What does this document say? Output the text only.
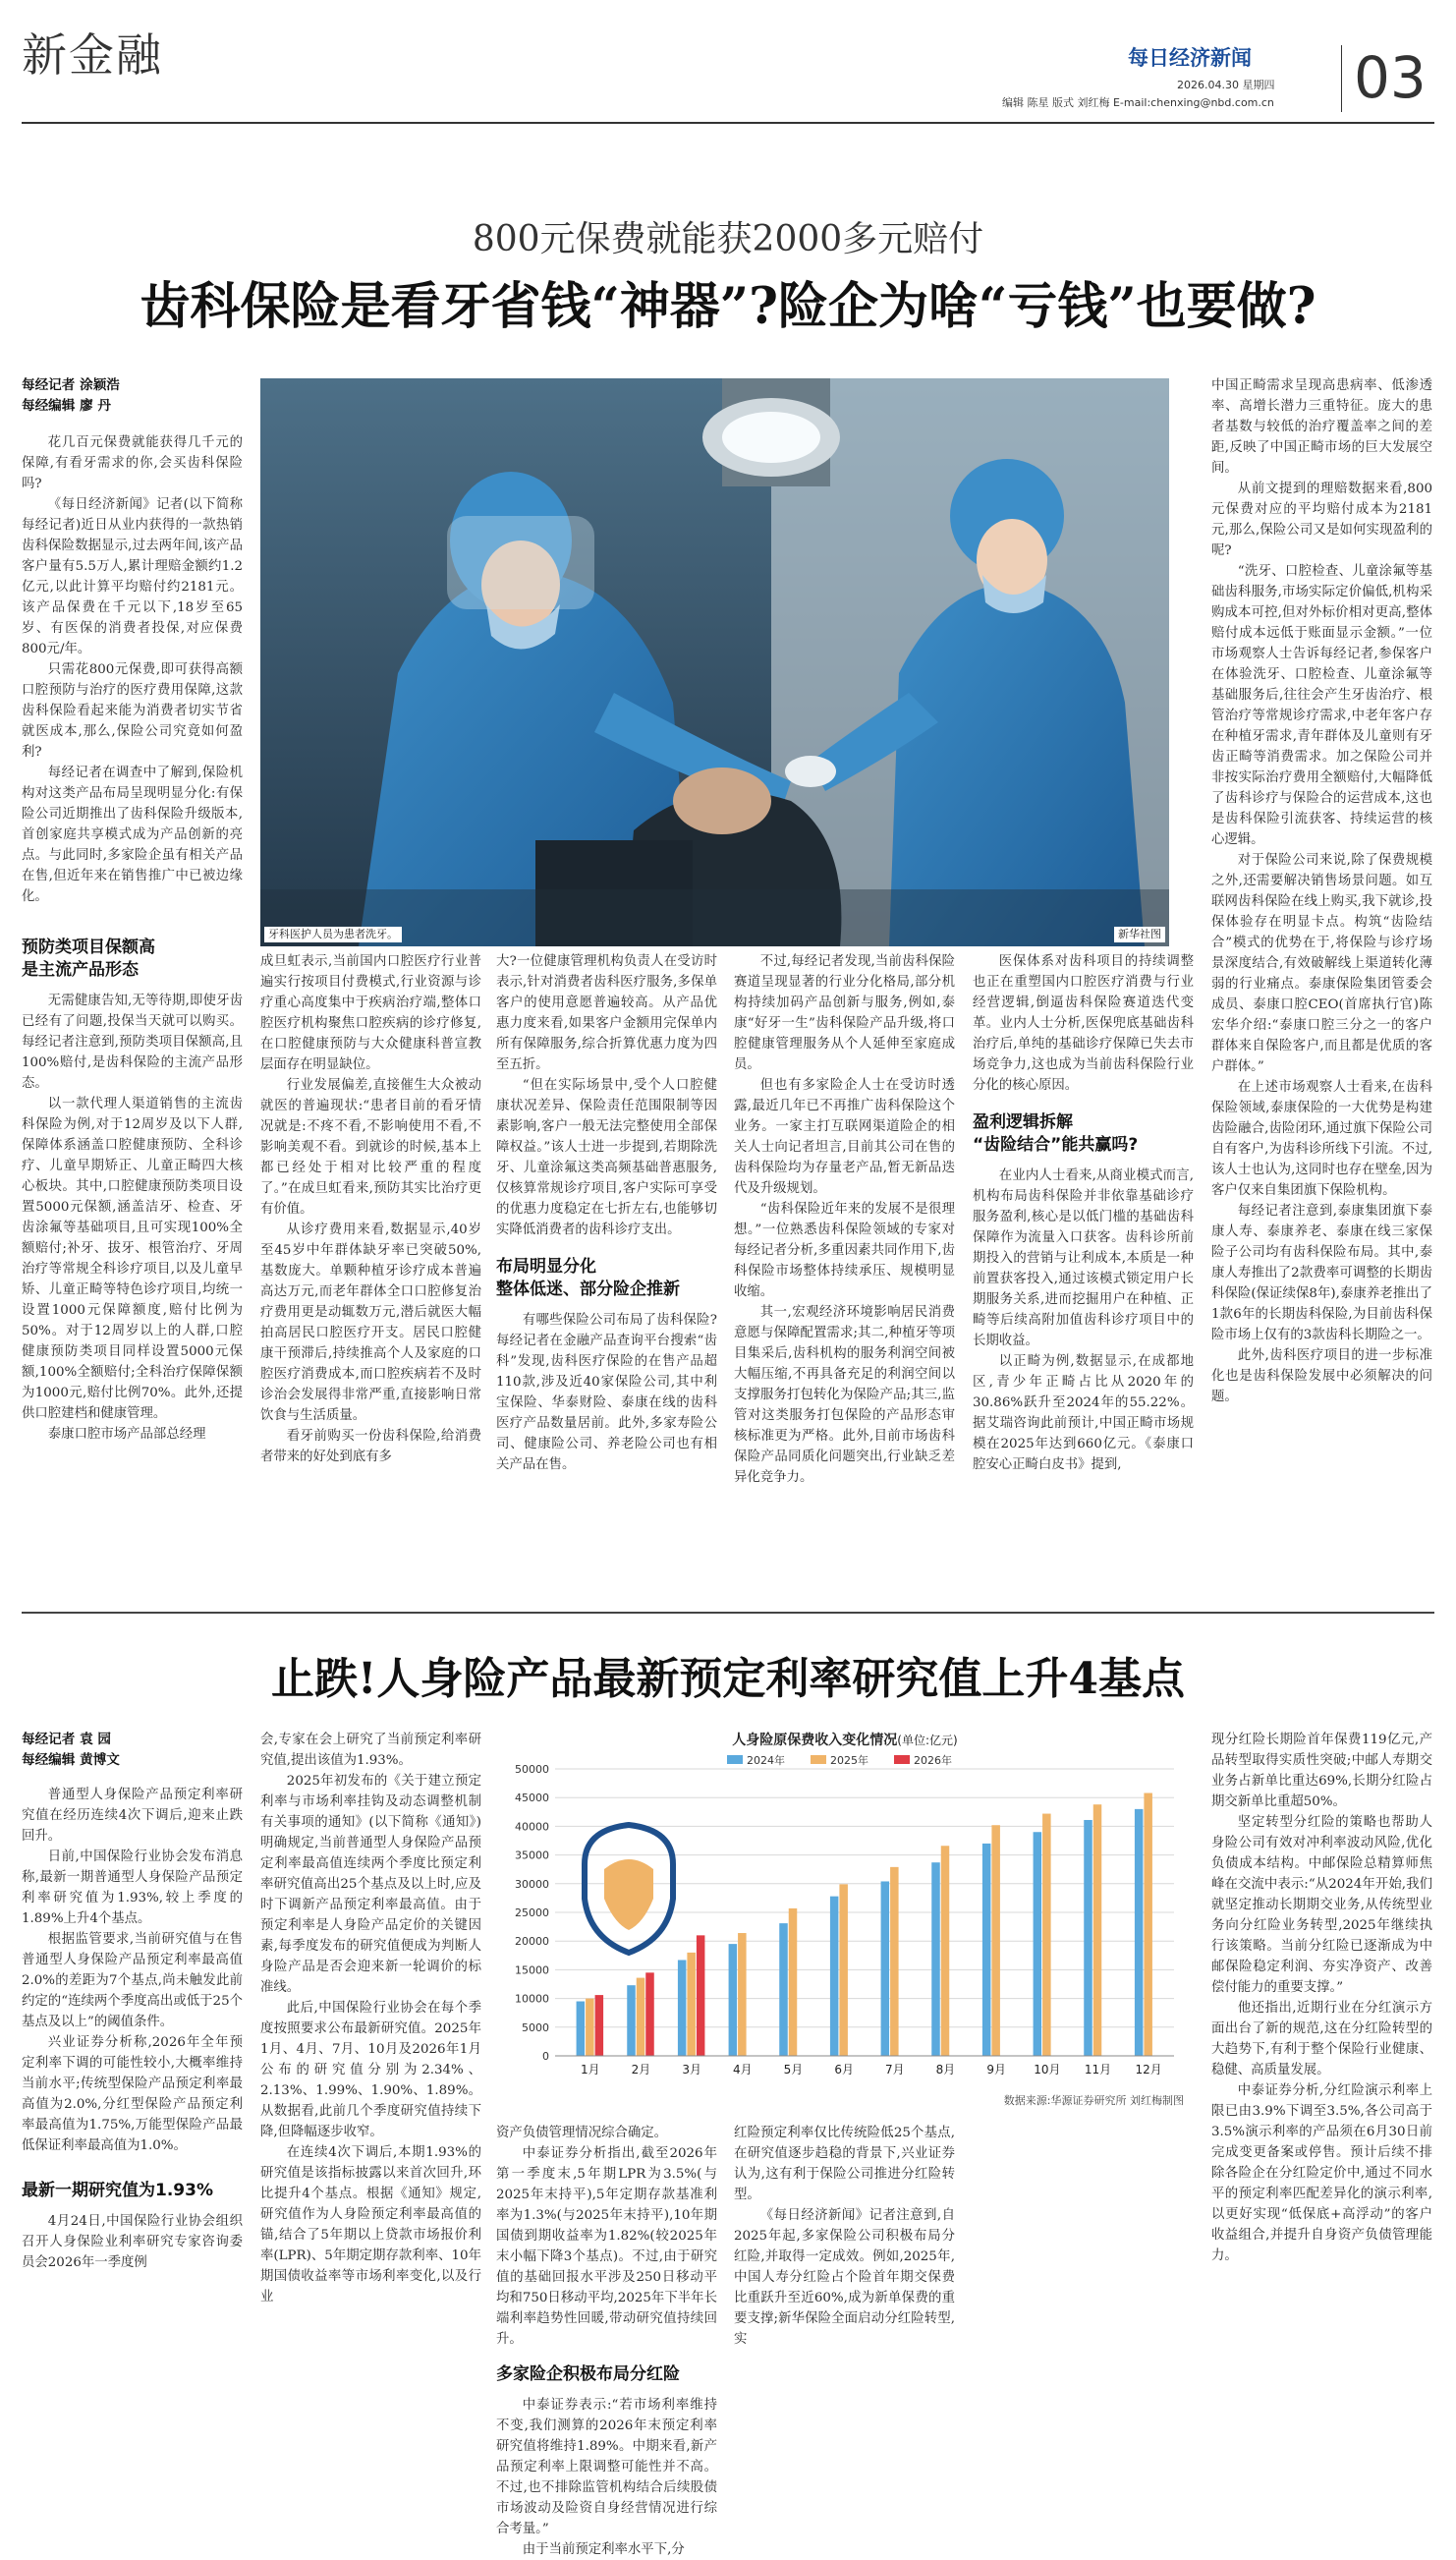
新金融	每日经济新闻
2026.04.30 星期四
编辑 陈星 版式 刘红梅 E-mail:chenxing@nbd.com.cn 03
800元保费就能获2000多元赔付
齿科保险是看牙省钱“神器”?险企为啥“亏钱”也要做?
每经记者 涂颖浩
每经编辑 廖 丹

花几百元保费就能获得几千元的保障,有看牙需求的你,会买齿科保险吗?

《每日经济新闻》记者(以下简称每经记者)近日从业内获得的一款热销齿科保险数据显示,过去两年间,该产品客户量有5.5万人,累计理赔金额约1.2亿元,以此计算平均赔付约2181元。该产品保费在千元以下,18岁至65岁、有医保的消费者投保,对应保费800元/年。

只需花800元保费,即可获得高额口腔预防与治疗的医疗费用保障,这款齿科保险看起来能为消费者切实节省就医成本,那么,保险公司究竟如何盈利?

每经记者在调查中了解到,保险机构对这类产品布局呈现明显分化:有保险公司近期推出了齿科保险升级版本,首创家庭共享模式成为产品创新的亮点。与此同时,多家险企虽有相关产品在售,但近年来在销售推广中已被边缘化。

预防类项目保额高
是主流产品形态

无需健康告知,无等待期,即使牙齿已经有了问题,投保当天就可以购买。每经记者注意到,预防类项目保额高,且100%赔付,是齿科保险的主流产品形态。

以一款代理人渠道销售的主流齿科保险为例,对于12周岁及以下人群,保障体系涵盖口腔健康预防、全科诊疗、儿童早期矫正、儿童正畸四大核心板块。其中,口腔健康预防类项目设置5000元保额,涵盖洁牙、检查、牙齿涂氟等基础项目,且可实现100%全额赔付;补牙、拔牙、根管治疗、牙周治疗等常规全科诊疗项目,以及儿童早矫、儿童正畸等特色诊疗项目,均统一设置1000元保障额度,赔付比例为50%。对于12周岁以上的人群,口腔健康预防类项目同样设置5000元保额,100%全额赔付;全科治疗保障保额为1000元,赔付比例70%。此外,还提供口腔建档和健康管理。

泰康口腔市场产品部总经理

牙科医护人员为患者洗牙。	新华社图

成旦虹表示,当前国内口腔医疗行业普遍实行按项目付费模式,行业资源与诊疗重心高度集中于疾病治疗端,整体口腔医疗机构聚焦口腔疾病的诊疗修复,在口腔健康预防与大众健康科普宣教层面存在明显缺位。

行业发展偏差,直接催生大众被动就医的普遍现状:“患者目前的看牙情况就是:不疼不看,不影响使用不看,不影响美观不看。到就诊的时候,基本上都已经处于相对比较严重的程度了。”在成旦虹看来,预防其实比治疗更有价值。

从诊疗费用来看,数据显示,40岁至45岁中年群体缺牙率已突破50%,基数庞大。单颗种植牙诊疗成本普遍高达万元,而老年群体全口口腔修复治疗费用更是动辄数万元,潜后就医大幅拍高居民口腔医疗开支。居民口腔健康干预滞后,持续推高个人及家庭的口腔医疗消费成本,而口腔疾病若不及时诊治会发展得非常严重,直接影响日常饮食与生活质量。

看牙前购买一份齿科保险,给消费者带来的好处到底有多

大?一位健康管理机构负责人在受访时表示,针对消费者齿科医疗服务,多保单客户的使用意愿普遍较高。从产品优惠力度来看,如果客户金额用完保单内所有保障服务,综合折算优惠力度为四至五折。

“但在实际场景中,受个人口腔健康状况差异、保险责任范围限制等因素影响,客户一般无法完整使用全部保障权益。”该人士进一步提到,若期除洗牙、儿童涂氟这类高频基础普惠服务,仅核算常规诊疗项目,客户实际可享受的优惠力度稳定在七折左右,也能够切实降低消费者的齿科诊疗支出。

布局明显分化
整体低迷、部分险企推新

有哪些保险公司布局了齿科保险?每经记者在金融产品查询平台搜索“齿科”发现,齿科医疗保险的在售产品超110款,涉及近40家保险公司,其中利宝保险、华泰财险、泰康在线的齿科医疗产品数量居前。此外,多家寿险公司、健康险公司、养老险公司也有相关产品在售。

不过,每经记者发现,当前齿科保险赛道呈现显著的行业分化格局,部分机构持续加码产品创新与服务,例如,泰康“好牙一生”齿科保险产品升级,将口腔健康管理服务从个人延伸至家庭成员。

但也有多家险企人士在受访时透露,最近几年已不再推广齿科保险这个业务。一家主打互联网渠道险企的相关人士向记者坦言,目前其公司在售的齿科保险均为存量老产品,暂无新品迭代及升级规划。

“齿科保险近年来的发展不是很理想。”一位熟悉齿科保险领域的专家对每经记者分析,多重因素共同作用下,齿科保险市场整体持续承压、规模明显收缩。

其一,宏观经济环境影响居民消费意愿与保障配置需求;其二,种植牙等项目集采后,齿科机构的服务利润空间被大幅压缩,不再具备充足的利润空间以支撑服务打包转化为保险产品;其三,监管对这类服务打包保险的产品形态审核标准更为严格。此外,目前市场齿科保险产品同质化问题突出,行业缺乏差异化竞争力。

医保体系对齿科项目的持续调整也正在重塑国内口腔医疗消费与行业经营逻辑,倒逼齿科保险赛道迭代变革。业内人士分析,医保兜底基础齿科治疗后,单纯的基础诊疗保障已失去市场竞争力,这也成为当前齿科保险行业分化的核心原因。

盈利逻辑拆解
“齿险结合”能共赢吗?

在业内人士看来,从商业模式而言,机构布局齿科保险并非依靠基础诊疗服务盈利,核心是以低门槛的基础齿科保障作为流量入口获客。齿科诊所前期投入的营销与让利成本,本质是一种前置获客投入,通过该模式锁定用户长期服务关系,进而挖掘用户在种植、正畸等后续高附加值齿科诊疗项目中的长期收益。

以正畸为例,数据显示,在成都地区,青少年正畸占比从2020年的30.86%跃升至2024年的55.22%。据艾瑞咨询此前预计,中国正畸市场规模在2025年达到660亿元。《泰康口腔安心正畸白皮书》提到,

中国正畸需求呈现高患病率、低渗透率、高增长潜力三重特征。庞大的患者基数与较低的治疗覆盖率之间的差距,反映了中国正畸市场的巨大发展空间。

从前文提到的理赔数据来看,800元保费对应的平均赔付成本为2181元,那么,保险公司又是如何实现盈利的呢?

“洗牙、口腔检查、儿童涂氟等基础齿科服务,市场实际定价偏低,机构采购成本可控,但对外标价相对更高,整体赔付成本远低于账面显示金额。”一位市场观察人士告诉每经记者,参保客户在体验洗牙、口腔检查、儿童涂氟等基础服务后,往往会产生牙齿治疗、根管治疗等常规诊疗需求,中老年客户存在种植牙需求,青年群体及儿童则有牙齿正畸等消费需求。加之保险公司并非按实际治疗费用全额赔付,大幅降低了齿科诊疗与保险合的运营成本,这也是齿科保险引流获客、持续运营的核心逻辑。

对于保险公司来说,除了保费规模之外,还需要解决销售场景问题。如互联网齿科保险在线上购买,我下就诊,投保体验存在明显卡点。构筑“齿险结合”模式的优势在于,将保险与诊疗场景深度结合,有效破解线上渠道转化薄弱的行业痛点。泰康保险集团管委会成员、泰康口腔CEO(首席执行官)陈宏华介绍:“泰康口腔三分之一的客户群体来自保险客户,而且都是优质的客户群体。”

在上述市场观察人士看来,在齿科保险领域,泰康保险的一大优势是构建齿险融合,齿险闭环,通过旗下保险公司自有客户,为齿科诊所线下引流。不过,该人士也认为,这同时也存在壁垒,因为客户仅来自集团旗下保险机构。

每经记者注意到,泰康集团旗下泰康人寿、泰康养老、泰康在线三家保险子公司均有齿科保险布局。其中,泰康人寿推出了2款费率可调整的长期齿科保险(保证续保8年),泰康养老推出了1款6年的长期齿科保险,为目前齿科保险市场上仅有的3款齿科长期险之一。

此外,齿科医疗项目的进一步标准化也是齿科保险发展中必须解决的问题。

止跌!人身险产品最新预定利率研究值上升4基点
每经记者 袁 园
每经编辑 黄博文

普通型人身保险产品预定利率研究值在经历连续4次下调后,迎来止跌回升。

日前,中国保险行业协会发布消息称,最新一期普通型人身保险产品预定利率研究值为1.93%,较上季度的1.89%上升4个基点。

根据监管要求,当前研究值与在售普通型人身保险产品预定利率最高值2.0%的差距为7个基点,尚未触发此前约定的“连续两个季度高出或低于25个基点及以上”的阈值条件。

兴业证券分析称,2026年全年预定利率下调的可能性较小,大概率维持当前水平;传统型保险产品预定利率最高值为2.0%,分红型保险产品预定利率最高值为1.75%,万能型保险产品最低保证利率最高值为1.0%。

最新一期研究值为1.93%

4月24日,中国保险行业协会组织召开人身保险业利率研究专家咨询委员会2026年一季度例

会,专家在会上研究了当前预定利率研究值,提出该值为1.93%。

2025年初发布的《关于建立预定利率与市场利率挂钩及动态调整机制有关事项的通知》(以下简称《通知》)明确规定,当前普通型人身保险产品预定利率最高值连续两个季度比预定利率研究值高出25个基点及以上时,应及时下调新产品预定利率最高值。由于预定利率是人身险产品定价的关键因素,每季度发布的研究值便成为判断人身险产品是否会迎来新一轮调价的标准线。

此后,中国保险行业协会在每个季度按照要求公布最新研究值。2025年1月、4月、7月、10月及2026年1月公布的研究值分别为2.34%、2.13%、1.99%、1.90%、1.89%。从数据看,此前几个季度研究值持续下降,但降幅逐步收窄。

在连续4次下调后,本期1.93%的研究值是该指标披露以来首次回升,环比提升4个基点。根据《通知》规定,研究值作为人身险预定利率最高值的锚,结合了5年期以上贷款市场报价利率(LPR)、5年期定期存款利率、10年期国债收益率等市场利率变化,以及行业

人身险原保费收入变化情况(单位:亿元)
0
5000
10000
15000
20000
25000
30000
35000
40000
45000
50000
2024年	2025年	2026年
1月	2月	3月	4月	5月	6月	7月	8月	9月 10月 11月 12月
数据来源:华源证券研究所 刘红梅制图

资产负债管理情况综合确定。

中泰证券分析指出,截至2026年第一季度末,5年期LPR为3.5%(与2025年末持平),5年定期存款基准利率为1.3%(与2025年末持平),10年期国债到期收益率为1.82%(较2025年末小幅下降3个基点)。不过,由于研究值的基础回报水平涉及250日移动平均和750日移动平均,2025年下半年长端利率趋势性回暖,带动研究值持续回升。

多家险企积极布局分红险

中泰证券表示:“若市场利率维持不变,我们测算的2026年末预定利率研究值将维持1.89%。中期来看,新产品预定利率上限调整可能性并不高。不过,也不排除监管机构结合后续股债市场波动及险资自身经营情况进行综合考量。”

由于当前预定利率水平下,分

红险预定利率仅比传统险低25个基点,在研究值逐步趋稳的背景下,兴业证券认为,这有利于保险公司推进分红险转型。

《每日经济新闻》记者注意到,自2025年起,多家保险公司积极布局分红险,并取得一定成效。例如,2025年,中国人寿分红险占个险首年期交保费比重跃升至近60%,成为新单保费的重要支撑;新华保险全面启动分红险转型,实

现分红险长期险首年保费119亿元,产品转型取得实质性突破;中邮人寿期交业务占新单比重达69%,长期分红险占期交新单比重超50%。

坚定转型分红险的策略也帮助人身险公司有效对冲利率波动风险,优化负债成本结构。中邮保险总精算师焦峰在交流中表示:“从2024年开始,我们就坚定推动长期期交业务,从传统型业务向分红险业务转型,2025年继续执行该策略。当前分红险已逐渐成为中邮保险稳定利润、夯实净资产、改善偿付能力的重要支撑。”

他还指出,近期行业在分红演示方面出台了新的规范,这在分红险转型的大趋势下,有利于整个保险行业健康、稳健、高质量发展。

中泰证券分析,分红险演示利率上限已由3.9%下调至3.5%,各公司高于3.5%演示利率的产品须在6月30日前完成变更备案或停售。预计后续不排除各险企在分红险定价中,通过不同水平的预定利率匹配差异化的演示利率,以更好实现“低保底+高浮动”的客户收益组合,并提升自身资产负债管理能力。
